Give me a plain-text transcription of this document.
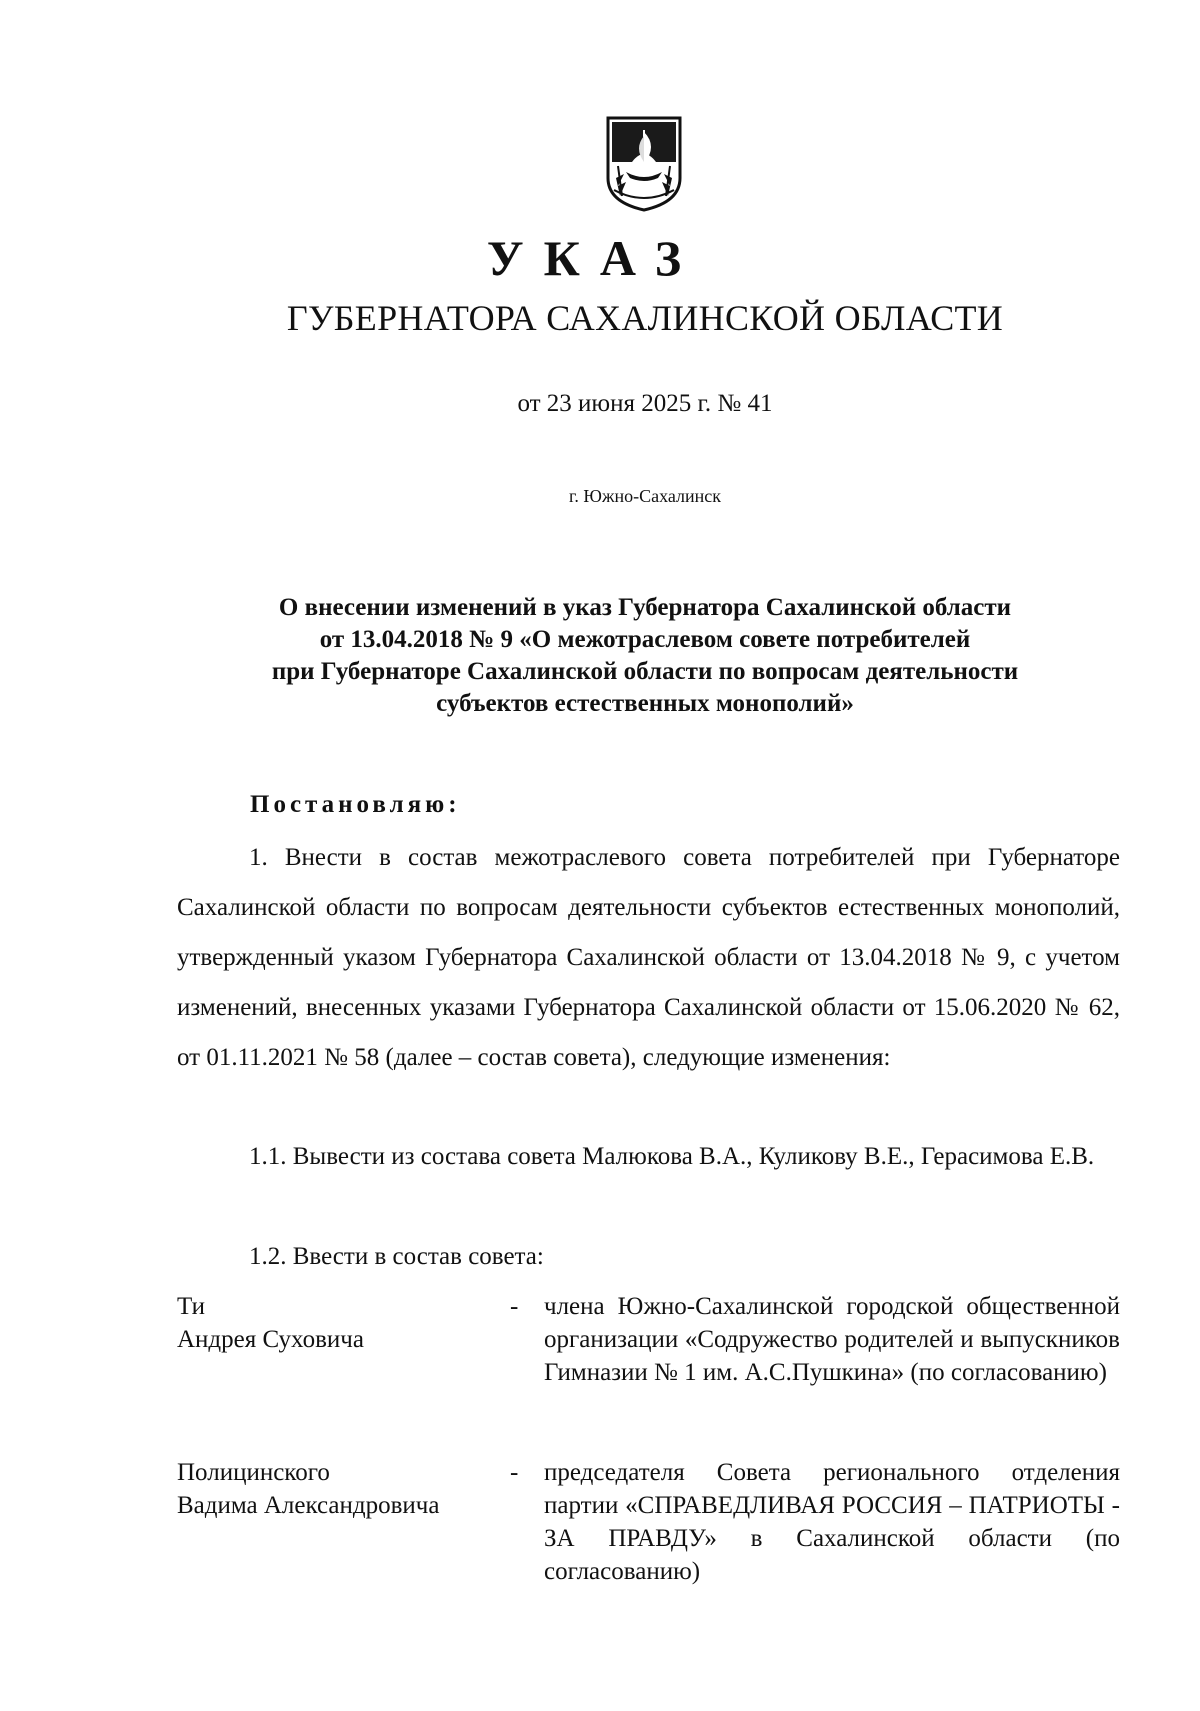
УКАЗ
ГУБЕРНАТОРА САХАЛИНСКОЙ ОБЛАСТИ
от 23 июня 2025 г. № 41
г. Южно-Сахалинск
О внесении изменений в указ Губернатора Сахалинской области
от 13.04.2018 № 9 «О межотраслевом совете потребителей
при Губернаторе Сахалинской области по вопросам деятельности
субъектов естественных монополий»
Постановляю:
1. Внести в состав межотраслевого совета потребителей при Губернаторе Сахалинской области по вопросам деятельности субъектов естественных монополий, утвержденный указом Губернатора Сахалинской области от 13.04.2018 № 9, с учетом изменений, внесенных указами Губернатора Сахалинской области от 15.06.2020 № 62, от 01.11.2021 № 58 (далее – состав совета), следующие изменения:
1.1. Вывести из состава совета Малюкова В.А., Куликову В.Е., Герасимова Е.В.
1.2. Ввести в состав совета:
Ти
Андрея Суховича
-	члена Южно-Сахалинской городской общественной организации «Содружество родителей и выпускников Гимназии № 1 им. А.С.Пушкина» (по согласованию)
Полицинского
Вадима Александровича
-	председателя Совета регионального отделения партии «СПРАВЕДЛИВАЯ РОССИЯ – ПАТРИОТЫ - ЗА ПРАВДУ» в Сахалинской области (по согласованию)
